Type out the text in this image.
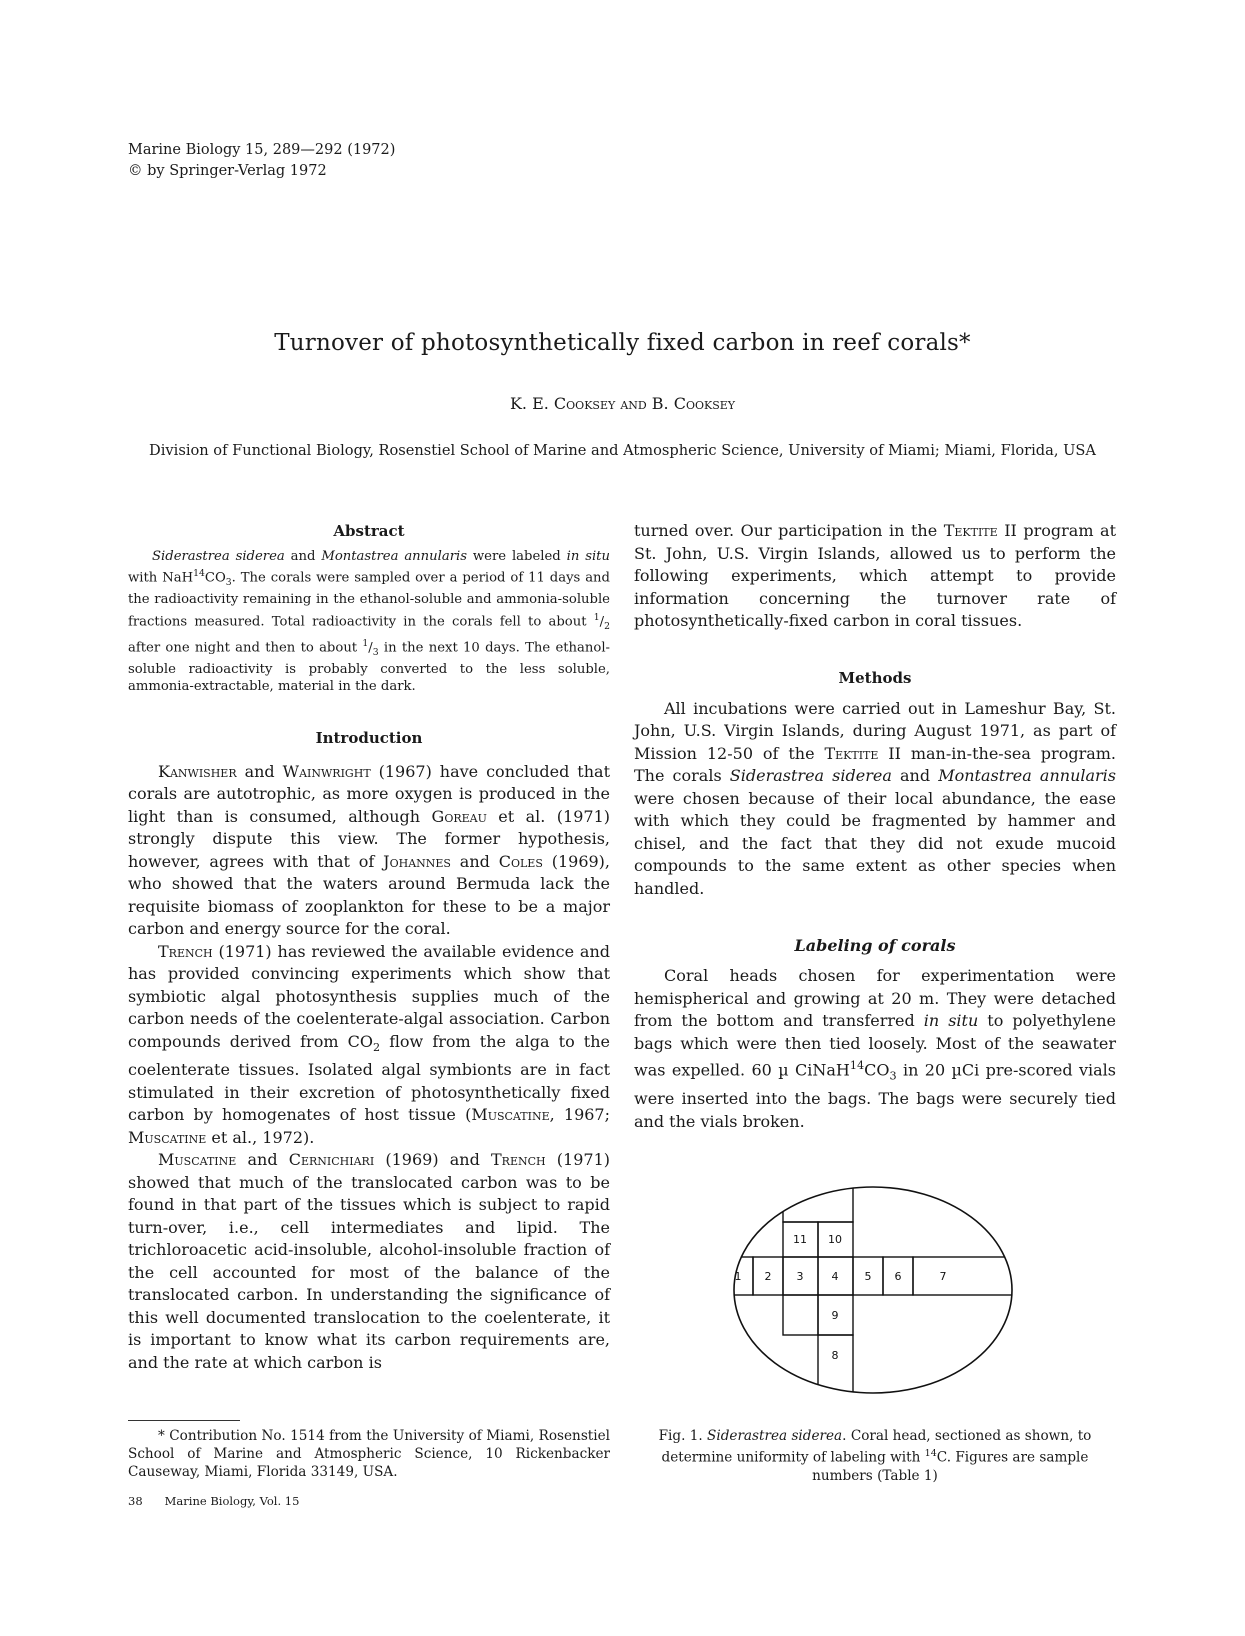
Marine Biology 15, 289—292 (1972)
© by Springer-Verlag 1972
Turnover of photosynthetically fixed carbon in reef corals*
K. E. Cooksey and B. Cooksey
Division of Functional Biology, Rosenstiel School of Marine and Atmospheric Science, University of Miami; Miami, Florida, USA
Abstract

Siderastrea siderea and Montastrea annularis were labeled in situ with $NaH^{14}CO_3$. The corals were sampled over a period of 11 days and the radioactivity remaining in the ethanol-soluble and ammonia-soluble fractions measured. Total radioactivity in the corals fell to about $^1/_2$ after one night and then to about $^1/_3$ in the next 10 days. The ethanol-soluble radioactivity is probably converted to the less soluble, ammonia-extractable, material in the dark.

Introduction

Kanwisher and Wainwright (1967) have concluded that corals are autotrophic, as more oxygen is produced in the light than is consumed, although Goreau et al. (1971) strongly dispute this view. The former hypothesis, however, agrees with that of Johannes and Coles (1969), who showed that the waters around Bermuda lack the requisite biomass of zooplankton for these to be a major carbon and energy source for the coral.

Trench (1971) has reviewed the available evidence and has provided convincing experiments which show that symbiotic algal photosynthesis supplies much of the carbon needs of the coelenterate-algal association. Carbon compounds derived from $CO_2$ flow from the alga to the coelenterate tissues. Isolated algal symbionts are in fact stimulated in their excretion of photosynthetically fixed carbon by homogenates of host tissue (Muscatine, 1967; Muscatine et al., 1972).

Muscatine and Cernichiari (1969) and Trench (1971) showed that much of the translocated carbon was to be found in that part of the tissues which is subject to rapid turn-over, i.e., cell intermediates and lipid. The trichloroacetic acid-insoluble, alcohol-insoluble fraction of the cell accounted for most of the balance of the translocated carbon. In understanding the significance of this well documented translocation to the coelenterate, it is important to know what its carbon requirements are, and the rate at which carbon is

turned over. Our participation in the Tektite II program at St. John, U.S. Virgin Islands, allowed us to perform the following experiments, which attempt to provide information concerning the turnover rate of photosynthetically-fixed carbon in coral tissues.

Methods

All incubations were carried out in Lameshur Bay, St. John, U.S. Virgin Islands, during August 1971, as part of Mission 12-50 of the Tektite II man-in-the-sea program. The corals Siderastrea siderea and Montastrea annularis were chosen because of their local abundance, the ease with which they could be fragmented by hammer and chisel, and the fact that they did not exude mucoid compounds to the same extent as other species when handled.

Labeling of corals

Coral heads chosen for experimentation were hemispherical and growing at 20 m. They were detached from the bottom and transferred in situ to polyethylene bags which were then tied loosely. Most of the seawater was expelled. 60 µ $CiNaH^{14}CO_3$ in 20 µCi pre-scored vials were inserted into the bags. The bags were securely tied and the vials broken.

1 2 3	4 5 6	7
8
9
10
11
Fig. 1. Siderastrea siderea. Coral head, sectioned as shown, to determine uniformity of labeling with $^{14}$C. Figures are sample numbers (Table 1)
* Contribution No. 1514 from the University of Miami, Rosenstiel School of Marine and Atmospheric Science, 10 Rickenbacker Causeway, Miami, Florida 33149, USA.
38 Marine Biology, Vol. 15
